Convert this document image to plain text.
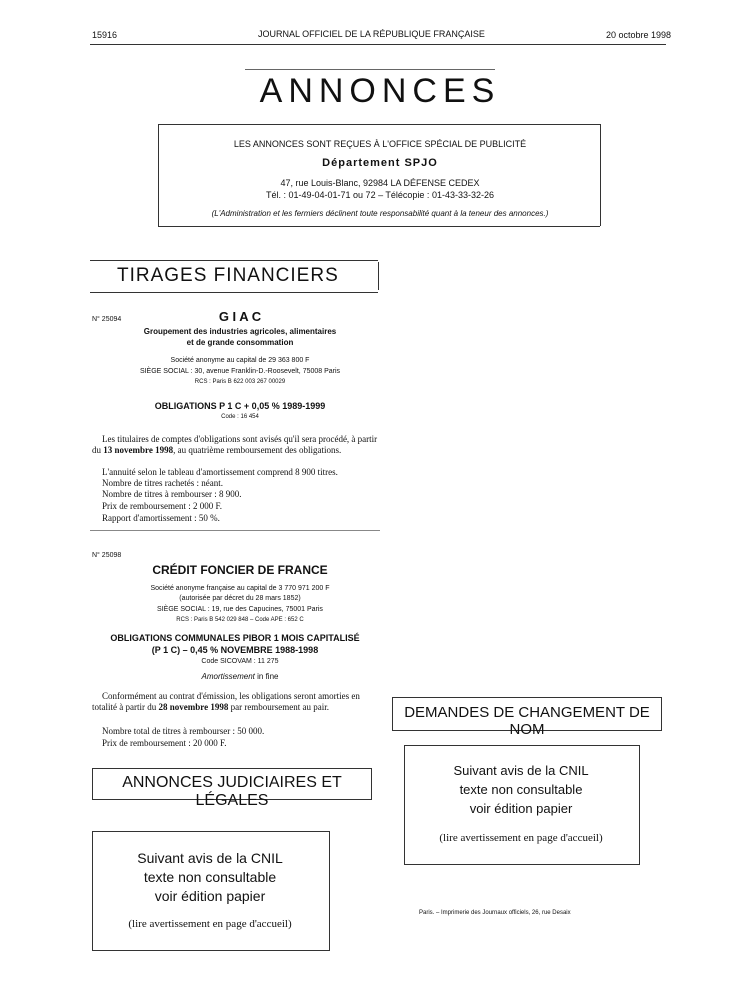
15916	JOURNAL OFFICIEL DE LA RÉPUBLIQUE FRANÇAISE	20 octobre 1998
ANNONCES
LES ANNONCES SONT REÇUES À L'OFFICE SPÉCIAL DE PUBLICITÉ
Département SPJO
47, rue Louis-Blanc, 92984 LA DÉFENSE CEDEX
Tél. : 01-49-04-01-71 ou 72 – Télécopie : 01-43-33-32-26
(L'Administration et les fermiers déclinent toute responsabilité quant à la teneur des annonces.)
TIRAGES FINANCIERS
N° 25094	G I A C
Groupement des industries agricoles, alimentaires
et de grande consommation
Société anonyme au capital de 29 363 800 F
SIÈGE SOCIAL : 30, avenue Franklin-D.-Roosevelt, 75008 Paris
RCS : Paris B 622 003 267 00029
OBLIGATIONS P 1 C + 0,05 % 1989-1999
Code : 16 454

Les titulaires de comptes d'obligations sont avisés qu'il sera procédé, à partir du 13 novembre 1998, au quatrième remboursement des obligations.

L'annuité selon le tableau d'amortissement comprend 8 900 titres.

Nombre de titres rachetés : néant.

Nombre de titres à rembourser : 8 900.

Prix de remboursement : 2 000 F.

Rapport d'amortissement : 50 %.

N° 25098
CRÉDIT FONCIER DE FRANCE
Société anonyme française au capital de 3 770 971 200 F
(autorisée par décret du 28 mars 1852)
SIÈGE SOCIAL : 19, rue des Capucines, 75001 Paris
RCS : Paris B 542 029 848 – Code APE : 652 C
OBLIGATIONS COMMUNALES PIBOR 1 MOIS CAPITALISÉ
(P 1 C) – 0,45 % NOVEMBRE 1988-1998
Code SICOVAM : 11 275
Amortissement in fine

Conformément au contrat d'émission, les obligations seront amorties en totalité à partir du 28 novembre 1998 par remboursement au pair.

Nombre total de titres à rembourser : 50 000.

Prix de remboursement : 20 000 F.

ANNONCES JUDICIAIRES ET LÉGALES
Suivant avis de la CNIL
texte non consultable
voir édition papier
(lire avertissement en page d'accueil)
DEMANDES DE CHANGEMENT DE NOM
Suivant avis de la CNIL
texte non consultable
voir édition papier
(lire avertissement en page d'accueil)
Paris. – Imprimerie des Journaux officiels, 26, rue Desaix
